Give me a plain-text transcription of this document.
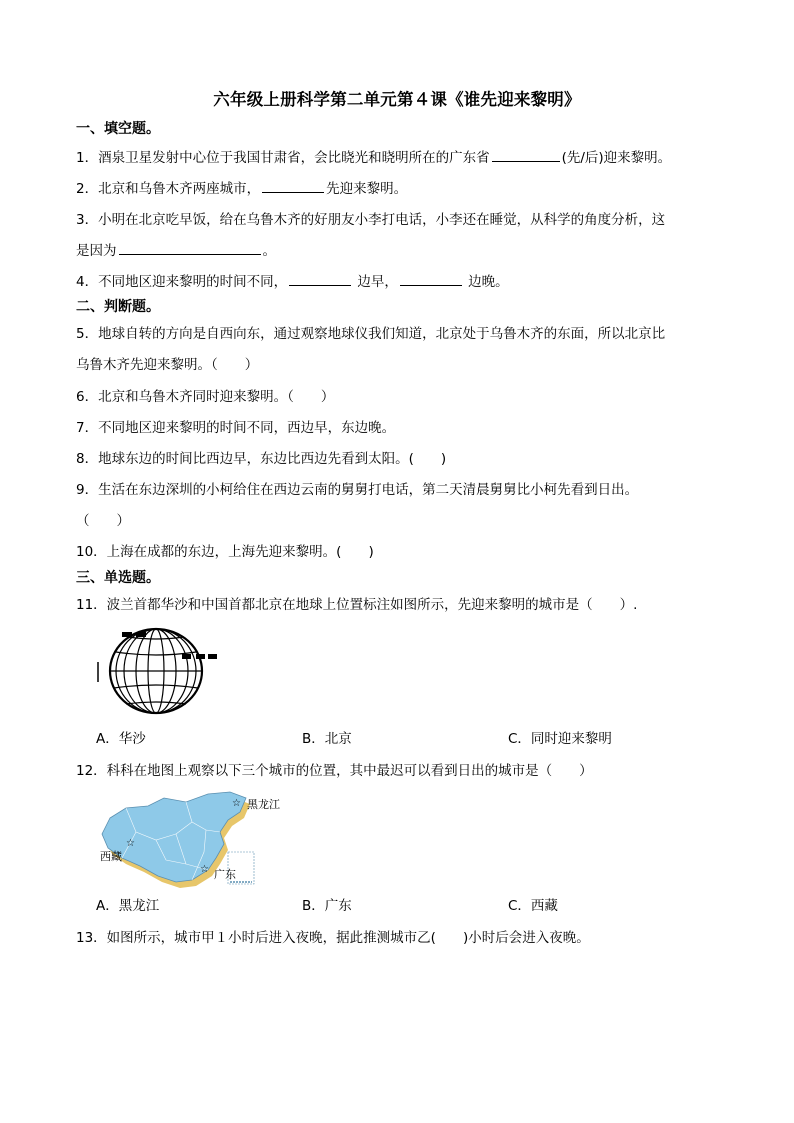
六年级上册科学第二单元第４课《谁先迎来黎明》
一、填空题。
1．酒泉卫星发射中心位于我国甘肃省，会比晓光和晓明所在的广东省	(先/后)迎来黎明。
2．北京和乌鲁木齐两座城市，	先迎来黎明。
3．小明在北京吃早饭，给在乌鲁木齐的好朋友小李打电话，小李还在睡觉，从科学的角度分析，这
是因为	。
4．不同地区迎来黎明的时间不同，	边早，	边晚。
二、判断题。
5．地球自转的方向是自西向东，通过观察地球仪我们知道，北京处于乌鲁木齐的东面，所以北京比
乌鲁木齐先迎来黎明。（　　）
6．北京和乌鲁木齐同时迎来黎明。（　　）
7．不同地区迎来黎明的时间不同，西边早，东边晚。
8．地球东边的时间比西边早，东边比西边先看到太阳。(　　)
9．生活在东边深圳的小柯给住在西边云南的舅舅打电话，第二天清晨舅舅比小柯先看到日出。
（　　）
10．上海在成都的东边，上海先迎来黎明。(　　)
三、单选题。
11．波兰首都华沙和中国首都北京在地球上位置标注如图所示，先迎来黎明的城市是（　　）.
A．华沙	B．北京	C．同时迎来黎明
12．科科在地图上观察以下三个城市的位置，其中最迟可以看到日出的城市是（　　）
☆
☆
☆
黑龙江
西藏
广东
A．黑龙江	B．广东	C．西藏
13．如图所示，城市甲１小时后进入夜晚，据此推测城市乙(　　)小时后会进入夜晚。
